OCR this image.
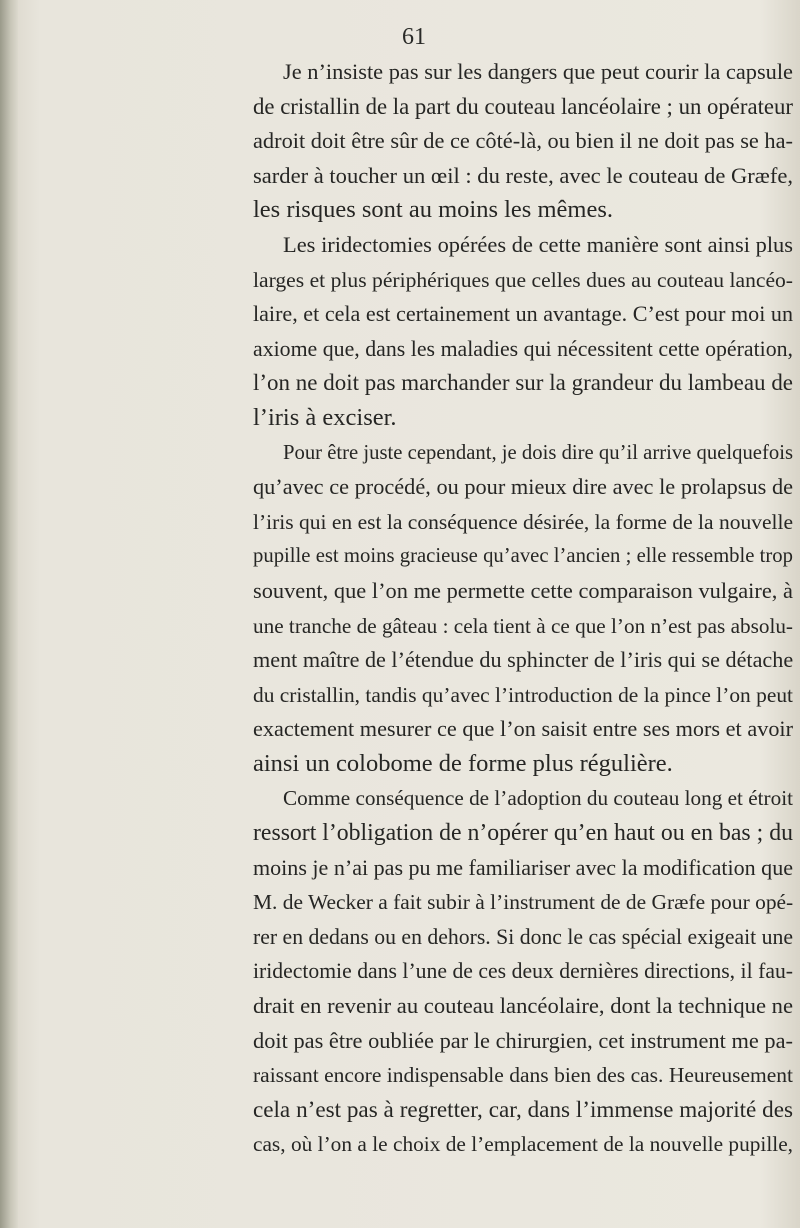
61
Je n’insiste pas sur les dangers que peut courir la capsule
de cristallin de la part du couteau lancéolaire ; un opérateur
adroit doit être sûr de ce côté-là, ou bien il ne doit pas se ha-
sarder à toucher un œil : du reste, avec le couteau de Græfe,
les risques sont au moins les mêmes.
Les iridectomies opérées de cette manière sont ainsi plus
larges et plus périphériques que celles dues au couteau lancéo-
laire, et cela est certainement un avantage. C’est pour moi un
axiome que, dans les maladies qui nécessitent cette opération,
l’on ne doit pas marchander sur la grandeur du lambeau de
l’iris à exciser.
Pour être juste cependant, je dois dire qu’il arrive quelquefois
qu’avec ce procédé, ou pour mieux dire avec le prolapsus de
l’iris qui en est la conséquence désirée, la forme de la nouvelle
pupille est moins gracieuse qu’avec l’ancien ; elle ressemble trop
souvent, que l’on me permette cette comparaison vulgaire, à
une tranche de gâteau : cela tient à ce que l’on n’est pas absolu-
ment maître de l’étendue du sphincter de l’iris qui se détache
du cristallin, tandis qu’avec l’introduction de la pince l’on peut
exactement mesurer ce que l’on saisit entre ses mors et avoir
ainsi un colobome de forme plus régulière.
Comme conséquence de l’adoption du couteau long et étroit
ressort l’obligation de n’opérer qu’en haut ou en bas ; du
moins je n’ai pas pu me familiariser avec la modification que
M. de Wecker a fait subir à l’instrument de de Græfe pour opé-
rer en dedans ou en dehors. Si donc le cas spécial exigeait une
iridectomie dans l’une de ces deux dernières directions, il fau-
drait en revenir au couteau lancéolaire, dont la technique ne
doit pas être oubliée par le chirurgien, cet instrument me pa-
raissant encore indispensable dans bien des cas. Heureusement
cela n’est pas à regretter, car, dans l’immense majorité des
cas, où l’on a le choix de l’emplacement de la nouvelle pupille,
